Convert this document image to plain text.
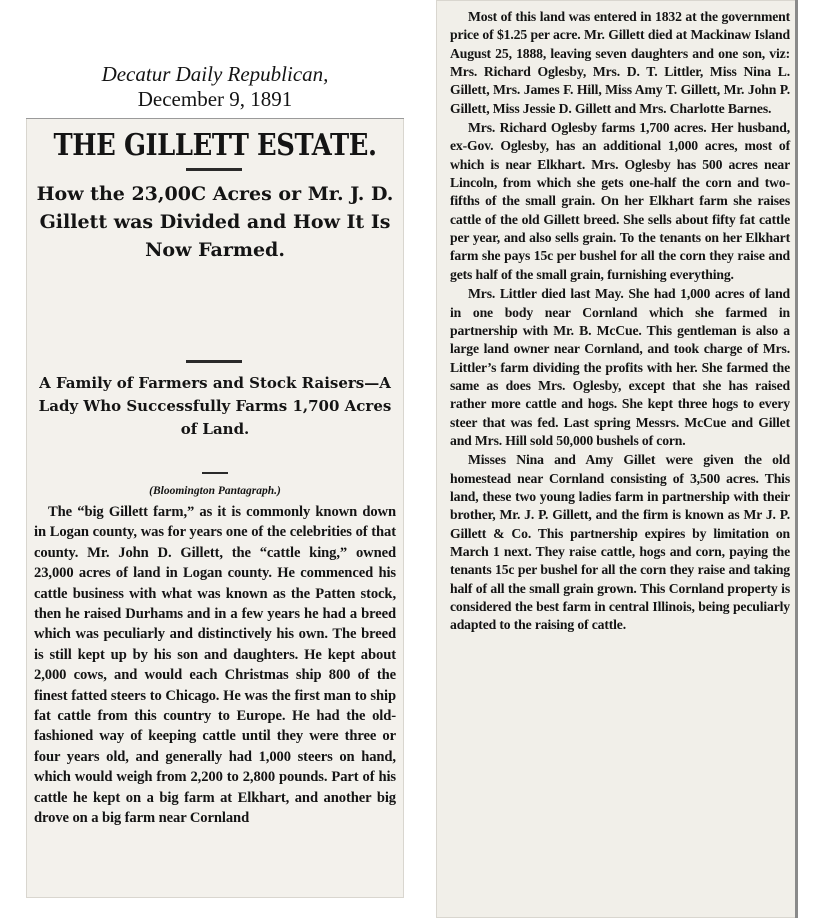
Decatur Daily Republican,
December 9, 1891
THE GILLETT ESTATE.
How the 23,00C Acres or Mr. J. D. Gillett was Divided and How It Is Now Farmed.
A Family of Farmers and Stock Raisers—A Lady Who Successfully Farms 1,700 Acres of Land.
(Bloomington Pantagraph.)
The “big Gillett farm,” as it is commonly known down in Logan county, was for years one of the celebrities of that county. Mr. John D. Gillett, the “cattle king,” owned 23,000 acres of land in Logan county. He commenced his cattle business with what was known as the Patten stock, then he raised Durhams and in a few years he had a breed which was peculiarly and distinctively his own. The breed is still kept up by his son and daughters. He kept about 2,000 cows, and would each Christmas ship 800 of the finest fatted steers to Chicago. He was the first man to ship fat cattle from this country to Europe. He had the old-fashioned way of keeping cattle until they were three or four years old, and generally had 1,000 steers on hand, which would weigh from 2,200 to 2,800 pounds. Part of his cattle he kept on a big farm at Elkhart, and another big drove on a big farm near Cornland

Most of this land was entered in 1832 at the government price of $1.25 per acre. Mr. Gillett died at Mackinaw Island August 25, 1888, leaving seven daughters and one son, viz: Mrs. Richard Oglesby, Mrs. D. T. Littler, Miss Nina L. Gillett, Mrs. James F. Hill, Miss Amy T. Gillett, Mr. John P. Gillett, Miss Jessie D. Gillett and Mrs. Charlotte Barnes.

Mrs. Richard Oglesby farms 1,700 acres. Her husband, ex-Gov. Oglesby, has an additional 1,000 acres, most of which is near Elkhart. Mrs. Oglesby has 500 acres near Lincoln, from which she gets one-half the corn and two-fifths of the small grain. On her Elkhart farm she raises cattle of the old Gillett breed. She sells about fifty fat cattle per year, and also sells grain. To the tenants on her Elkhart farm she pays 15c per bushel for all the corn they raise and gets half of the small grain, furnishing everything.

Mrs. Littler died last May. She had 1,000 acres of land in one body near Cornland which she farmed in partnership with Mr. B. McCue. This gentleman is also a large land owner near Cornland, and took charge of Mrs. Littler’s farm dividing the profits with her. She farmed the same as does Mrs. Oglesby, except that she has raised rather more cattle and hogs. She kept three hogs to every steer that was fed. Last spring Messrs. McCue and Gillet and Mrs. Hill sold 50,000 bushels of corn.

Misses Nina and Amy Gillet were given the old homestead near Cornland consisting of 3,500 acres. This land, these two young ladies farm in partnership with their brother, Mr. J. P. Gillett, and the firm is known as Mr J. P. Gillett & Co. This partnership expires by limitation on March 1 next. They raise cattle, hogs and corn, paying the tenants 15c per bushel for all the corn they raise and taking half of all the small grain grown. This Cornland property is considered the best farm in central Illinois, being peculiarly adapted to the raising of cattle.
